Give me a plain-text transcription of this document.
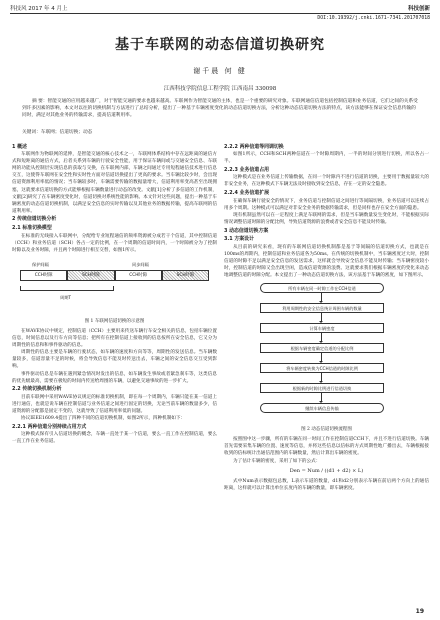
科技风 2017 年 4 月上	科技创新
DOI:10.19392/j.cnki.1671-7341.201707018
基于车联网的动态信道切换研究
谢千晨 何 健
江西科技学院信息工程学院 江西南昌 330098
摘 要：智能交通的应用越来越广，对于智能交通的要求也越来越高。车联网作为智能交通的主体，也是一个重要的研究对象。车联网通信信道包括控制信道和业务信道，它们之间的关系受到许多因素的影响，本文对以往的切换机制与方法进行了总结分析，提出了一种基于车辆密度变化的动态信道切换方法，分析这种动态信道切换方法的特点，该方法能够在保证安全信息传输的同时，满足对其他业务的传输需求，提高信道利用率。
关键词：车联网；信道切换；动态
1 概述
车联网作为物联网的延伸，是智能交通的核心技术之一，车联网体系结构中存在远距离的通信方式和短距离的通信方式，后者关系到车辆的行驶安全性能，用于保证车辆间或与交通安全信息、车联网的功能从控制层实现信息的获取与交换，在车联网内部，车辆之间通过专用短程通信技术进行信息交互，这使得车联网在安全性和实时性方面对信道切换提出了更高的要求。当车辆比较少时，会出现信道资源利用率低的情况；当车辆较多时，车辆需要传输的数据量增大，信道利用率变高甚至出现拥塞，这就要求信道切换的方式能够根据车辆数量进行动态的改变。文献[1]分析了多信道的工作机制，文献[2]研究了在车辆密度变化时，信道切换对系统性能的影响。本文针对这些问题，提出一种基于车辆密度的动态信道切换机制，以满足安全信息的实时传输以及其他业务的数据传输，提高车联网的信道利用率。
2 传统信道切换分析
2.1 标准切换模型
在标准的无线接入车联网中，分配给专业短程通信的频率资源被分成若干个信道，其中控制信道（CCH）和业务信道（SCH）各占一定的比例，在一个周期的信道时间内，一个时隙被分为了控制时隙以及业务时隙，并且两个时隙进行相互交替，如图1所示。
保护间隔	同步间隔
CCH时隙	SCH时隙	CCH时隙	SCH时隙
周期T
图 1 车联网信道切换的示意图
在WAVE协议中规定，控制信道（CCH）主要用来传送车辆行车安全相关的信息，包括车辆位置信息，时间信息以及行车方向等信息；把所有在控制信道上接收到的信息按所在安全信息，它又分为周期性的信息和和事件驱动的信息。
周期性的信息主要是车辆的行驶状态，如车辆的速度和方向等等，周期性的发送信息。当车辆数量较多，信道容量不足的时候，将会导致信息不能及时传送出去，车辆之间的安全信息交互受到影响。
事件驱动信息是车辆在遇到紧急情况时发出的信息，如车辆发生事故或者紧急刹车等，这类信息的优先级最高，需要在极短的时间内传送给周围的车辆，以避免交通事故的进一步扩大。
2.2 传统切换机制分析
目前车联网中采用WAVE协议规定的标准切换机制，即在每一个周期内，车辆只能在某一信道上进行通信，也就是说车辆在控制信道与业务信道之间进行固定的切换，无论当前车辆的数量多少，信道资源的分配都是固定不变的，这就导致了信道利用率低的问题。
协议IEEE1609.4提出了四种不同的信道切换机制，如图2所示，四种机制如下：
2.2.1 两种信道分别持续占用方式
这种模式保有引入信道切换的概念，车辆一直处于某一个信道，要么一直工作在控制信道，要么一直工作在业务信道。
2.2.2 两种信道等同调切换
如图1所示，CCH和SCH两种信道在一个时隙周期内，一半的时间分别进行切换，所以各占一半。
2.2.3 业务信道占用
这种模式是在业务信道上传输数据，在同一个时隙内不进行信道的切换，主要用于数据量较大的非安全业务，在这种模式下车辆无法及时接收到安全信息，存在一定的安全隐患。
2.2.4 业务信道扩展
在确保车辆行驶安全的情况下，业务信道与控制信道之间进行等间隔切换，业务信道可以连续占用多个周期。这种模式可以满足对非安全业务的数据传输需求，但是同样也存在安全方面的隐患。
现有机制虽然可以在一定程度上满足车联网的需求，但是当车辆数量发生变化时，不能根据实际情况调整信道时隙的分配比例，导致信道资源的浪费或者安全信息不能及时传输。
3 动态信道切换方案
3.1 方案设计
从目前的研究来看，现有的车联网信道切换机制都是基于等间隔的信道切换方式，也就是在100ms的周期内，控制信道和业务信道各为50ms。在传统的切换机制中，当车辆密度过大时，控制信道的时隙不足以满足安全信息的发送需求，这样就会导致安全信息不能及时传输；当车辆密度较小时，控制信道的时隙又会出现空闲，造成信道资源的浪费。这就要求我们根据车辆密度的变化来动态地调整信道的时隙分配。本文提出了一种动态信道切换方法，该方法基于车辆的密度，如下图所示。
所有车辆在同一时隙工作在CCH信道
利用周期性的安全信息统计周围车辆的数量
计算车辆密度
根据车辆密度确定信道的分配比例
将车辆密度转换为CCH信道的时隙比例
根据新的时隙比例进行信道切换
继续车辆信息传输
图 2 动态信道切换流程图
按照图中这一步骤，所有的车辆在同一时间工作在控制信道CCH下，并且不进行信道切换。车辆首先需要采集车辆的位置、速度等信息，并将这些信息以信标的方式周期性地广播出去，车辆根据接收到的信标统计出通信范围内的车辆数量，然后计算出车辆的密度。
为了估计车辆的密度，采用了如下的公式：
Den = Num / ((d1 + d2) × L)
式中Num表示数据包总数，L表示车道的数量，d1和d2分别表示车辆在前后两个方向上的通信距离，这样就可以计算出单位长度内的车辆的数量，即车辆密度。
19
